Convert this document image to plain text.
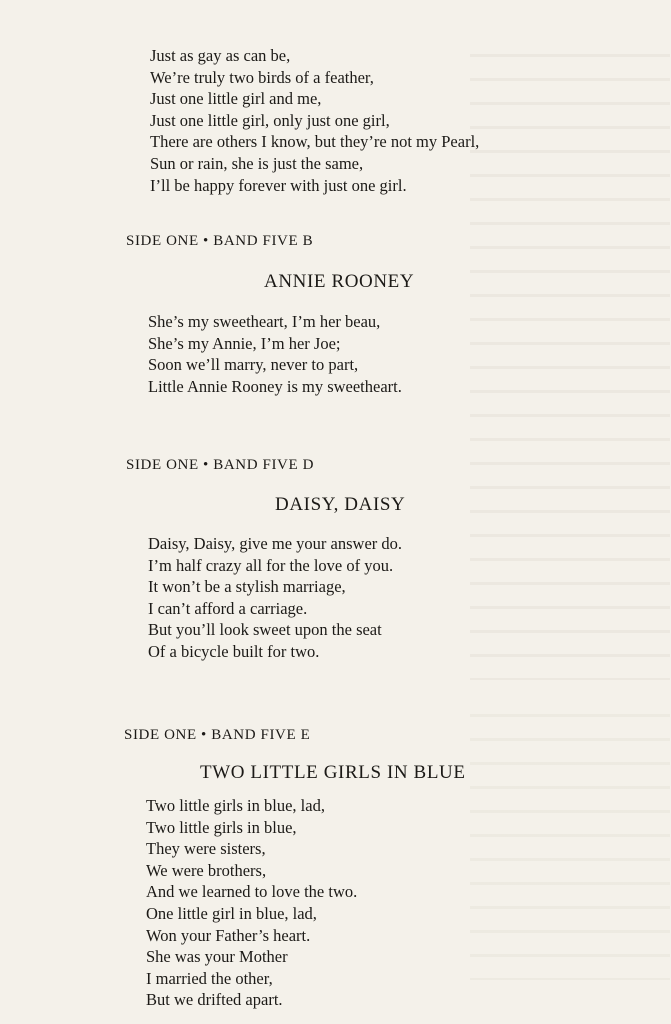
Just as gay as can be,
We’re truly two birds of a feather,
Just one little girl and me,
Just one little girl, only just one girl,
There are others I know, but they’re not my Pearl,
Sun or rain, she is just the same,
I’ll be happy forever with just one girl.

SIDE ONE • BAND FIVE B

ANNIE ROONEY
She’s my sweetheart, I’m her beau,
She’s my Annie, I’m her Joe;
Soon we’ll marry, never to part,
Little Annie Rooney is my sweetheart.

SIDE ONE • BAND FIVE D

DAISY, DAISY
Daisy, Daisy, give me your answer do.
I’m half crazy all for the love of you.
It won’t be a stylish marriage,
I can’t afford a carriage.
But you’ll look sweet upon the seat
Of a bicycle built for two.

SIDE ONE • BAND FIVE E

TWO LITTLE GIRLS IN BLUE
Two little girls in blue, lad,
Two little girls in blue,
They were sisters,
We were brothers,
And we learned to love the two.
One little girl in blue, lad,
Won your Father’s heart.
She was your Mother
I married the other,
But we drifted apart.
